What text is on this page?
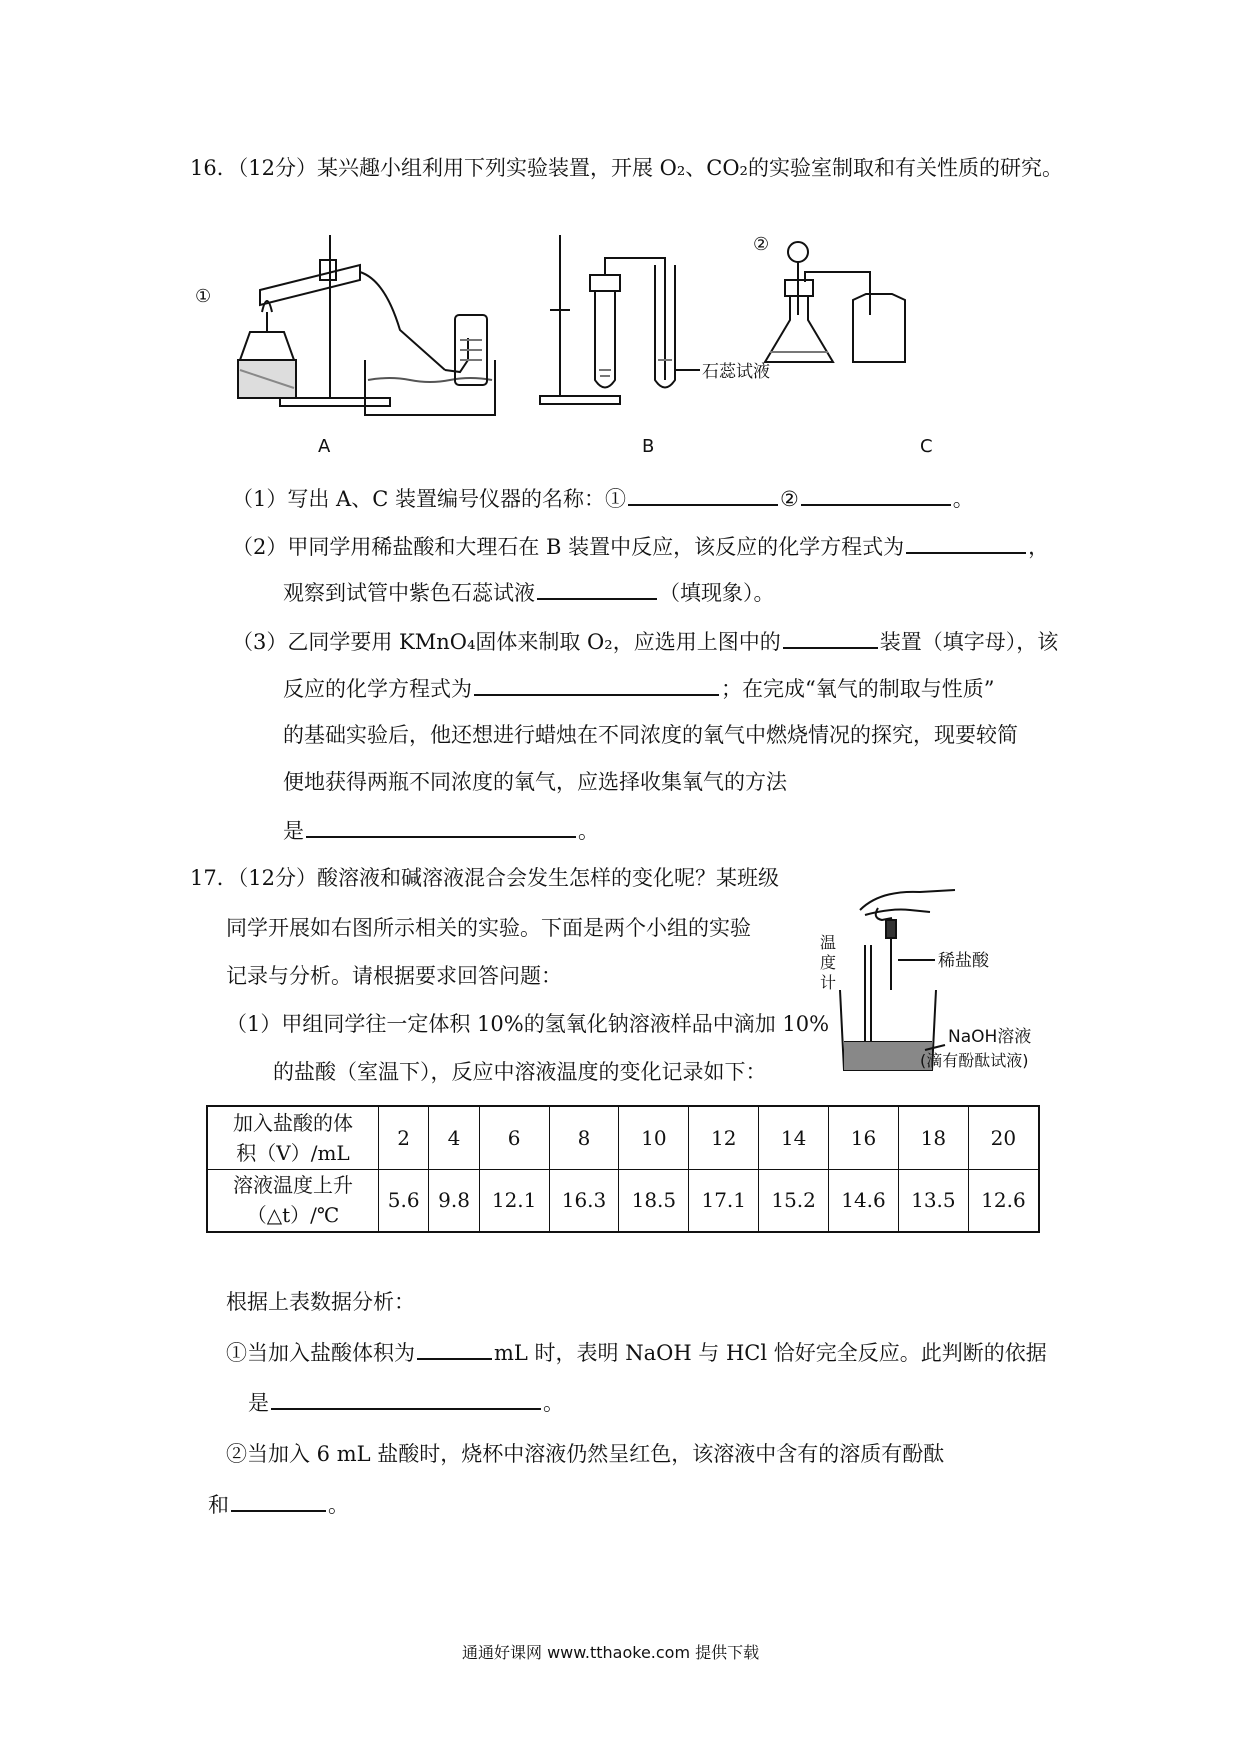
16．（12分）某兴趣小组利用下列实验装置，开展 O₂、CO₂的实验室制取和有关性质的研究。
①
石蕊试液
②
A	B	C
（1）写出 A、C 装置编号仪器的名称：①	②	。
（2）甲同学用稀盐酸和大理石在 B 装置中反应，该反应的化学方程式为	，
观察到试管中紫色石蕊试液	（填现象）。
（3）乙同学要用 KMnO₄固体来制取 O₂，应选用上图中的	装置（填字母），该
反应的化学方程式为	；在完成“氧气的制取与性质”
的基础实验后，他还想进行蜡烛在不同浓度的氧气中燃烧情况的探究，现要较简
便地获得两瓶不同浓度的氧气，应选择收集氧气的方法
是	。
17．（12分）酸溶液和碱溶液混合会发生怎样的变化呢？某班级
同学开展如右图所示相关的实验。下面是两个小组的实验
记录与分析。请根据要求回答问题：
（1）甲组同学往一定体积 10%的氢氧化钠溶液样品中滴加 10%
的盐酸（室温下），反应中溶液温度的变化记录如下：
温 度 计
稀盐酸
NaOH溶液
(滴有酚酞试液)
加入盐酸的体
积（V）/mL	2	4	6	8	10	12	14	16	18	20
溶液温度上升
（△t）/℃	5.6	9.8	12.1	16.3	18.5	17.1	15.2	14.6	13.5	12.6
根据上表数据分析：
①当加入盐酸体积为	mL 时，表明 NaOH 与 HCl 恰好完全反应。此判断的依据
是	。
②当加入 6 mL 盐酸时，烧杯中溶液仍然呈红色，该溶液中含有的溶质有酚酞
和	。
通通好课网 www.tthaoke.com 提供下载
